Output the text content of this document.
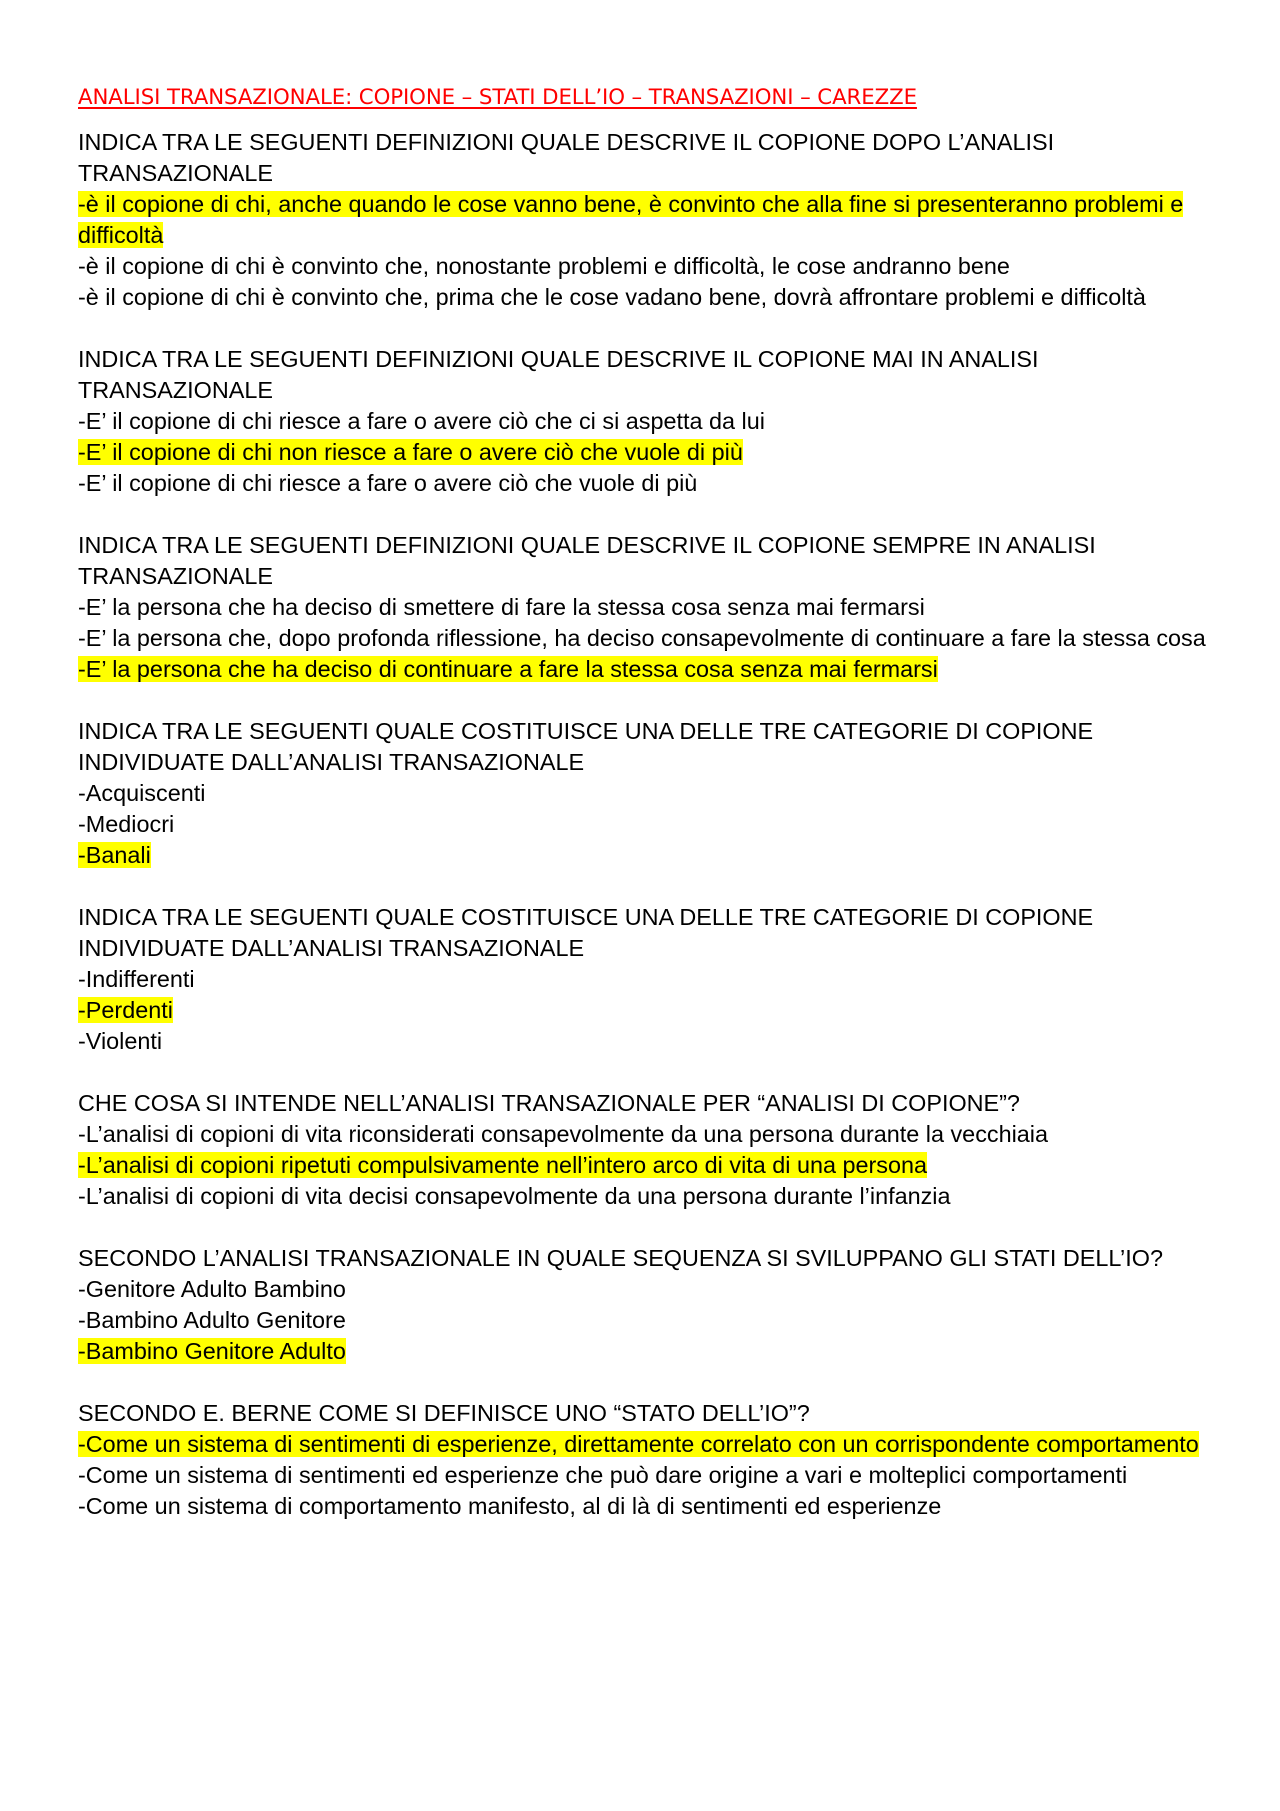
ANALISI TRANSAZIONALE: COPIONE – STATI DELL’IO – TRANSAZIONI – CAREZZE
INDICA TRA LE SEGUENTI DEFINIZIONI QUALE DESCRIVE IL COPIONE DOPO L’ANALISI TRANSAZIONALE
-è il copione di chi, anche quando le cose vanno bene, è convinto che alla fine si presenteranno problemi e difficoltà
-è il copione di chi è convinto che, nonostante problemi e difficoltà, le cose andranno bene
-è il copione di chi è convinto che, prima che le cose vadano bene, dovrà affrontare problemi e difficoltà
INDICA TRA LE SEGUENTI DEFINIZIONI QUALE DESCRIVE IL COPIONE MAI IN ANALISI TRANSAZIONALE
-E’ il copione di chi riesce a fare o avere ciò che ci si aspetta da lui
-E’ il copione di chi non riesce a fare o avere ciò che vuole di più
-E’ il copione di chi riesce a fare o avere ciò che vuole di più
INDICA TRA LE SEGUENTI DEFINIZIONI QUALE DESCRIVE IL COPIONE SEMPRE IN ANALISI TRANSAZIONALE
-E’ la persona che ha deciso di smettere di fare la stessa cosa senza mai fermarsi
-E’ la persona che, dopo profonda riflessione, ha deciso consapevolmente di continuare a fare la stessa cosa
-E’ la persona che ha deciso di continuare a fare la stessa cosa senza mai fermarsi
INDICA TRA LE SEGUENTI QUALE COSTITUISCE UNA DELLE TRE CATEGORIE DI COPIONE INDIVIDUATE DALL’ANALISI TRANSAZIONALE
-Acquiscenti
-Mediocri
-Banali
INDICA TRA LE SEGUENTI QUALE COSTITUISCE UNA DELLE TRE CATEGORIE DI COPIONE INDIVIDUATE DALL’ANALISI TRANSAZIONALE
-Indifferenti
-Perdenti
-Violenti
CHE COSA SI INTENDE NELL’ANALISI TRANSAZIONALE PER “ANALISI DI COPIONE”?
-L’analisi di copioni di vita riconsiderati consapevolmente da una persona durante la vecchiaia
-L’analisi di copioni ripetuti compulsivamente nell’intero arco di vita di una persona
-L’analisi di copioni di vita decisi consapevolmente da una persona durante l’infanzia
SECONDO L’ANALISI TRANSAZIONALE IN QUALE SEQUENZA SI SVILUPPANO GLI STATI DELL’IO?
-Genitore Adulto Bambino
-Bambino Adulto Genitore
-Bambino Genitore Adulto
SECONDO E. BERNE COME SI DEFINISCE UNO “STATO DELL’IO”?
-Come un sistema di sentimenti di esperienze, direttamente correlato con un corrispondente comportamento
-Come un sistema di sentimenti ed esperienze che può dare origine a vari e molteplici comportamenti
-Come un sistema di comportamento manifesto, al di là di sentimenti ed esperienze
